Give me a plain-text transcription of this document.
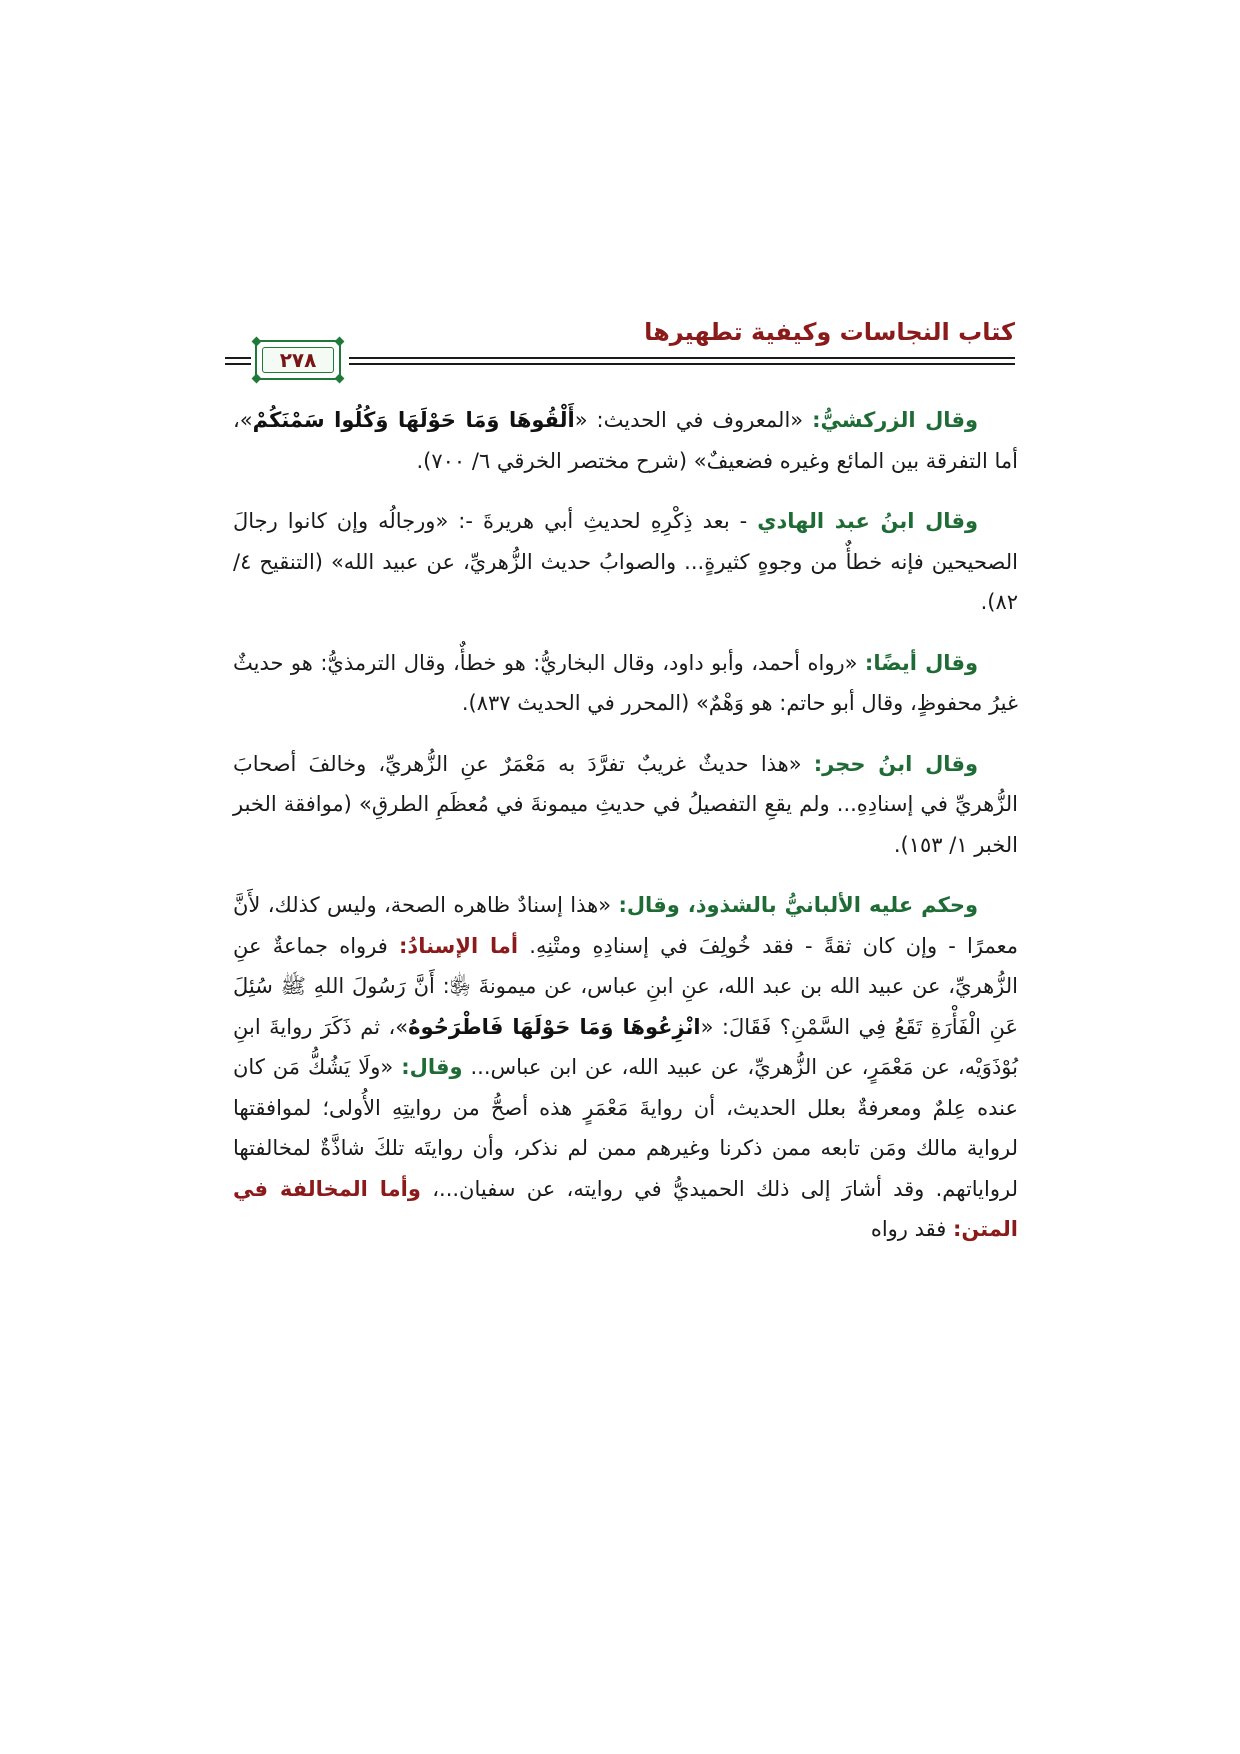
كتاب النجاسات وكيفية تطهيرها
٢٧٨

وقال الزركشيُّ: «المعروف في الحديث: «أَلْقُوهَا وَمَا حَوْلَهَا وَكُلُوا سَمْنَكُمْ»، أما التفرقة بين المائع وغيره فضعيفٌ» (شرح مختصر الخرقي ٦/ ٧٠٠).

وقال ابنُ عبد الهادي - بعد ذِكْرِهِ لحديثِ أبي هريرةَ -: «ورجالُه وإن كانوا رجالَ الصحيحين فإنه خطأٌ من وجوهٍ كثيرةٍ... والصوابُ حديث الزُّهريِّ، عن عبيد الله» (التنقيح ٤/ ٨٢).

وقال أيضًا: «رواه أحمد، وأبو داود، وقال البخاريُّ: هو خطأٌ، وقال الترمذيُّ: هو حديثٌ غيرُ محفوظٍ، وقال أبو حاتم: هو وَهْمٌ» (المحرر في الحديث ٨٣٧).

وقال ابنُ حجر: «هذا حديثٌ غريبٌ تفرَّدَ به مَعْمَرٌ عنِ الزُّهريِّ، وخالفَ أصحابَ الزُّهريِّ في إسنادِهِ... ولم يقعِ التفصيلُ في حديثِ ميمونةَ في مُعظَمِ الطرقِ» (موافقة الخبر الخبر ١/ ١٥٣).

وحكم عليه الألبانيُّ بالشذوذ، وقال: «هذا إسنادٌ ظاهره الصحة، وليس كذلك، لأَنَّ معمرًا - وإن كان ثقةً - فقد خُولِفَ في إسنادِهِ ومتْنِهِ. أما الإسنادُ: فرواه جماعةٌ عنِ الزُّهريِّ، عن عبيد الله بن عبد الله، عنِ ابنِ عباس، عن ميمونةَ ﵂: أَنَّ رَسُولَ اللهِ ﷺ سُئِلَ عَنِ الْفَأْرَةِ تَقَعُ فِي السَّمْنِ؟ فَقَالَ: «انْزِعُوهَا وَمَا حَوْلَهَا فَاطْرَحُوهُ»، ثم ذَكَرَ روايةَ ابنِ بُوْذَوَيْه، عن مَعْمَرٍ، عن الزُّهريِّ، عن عبيد الله، عن ابن عباس... وقال: «ولَا يَشُكُّ مَن كان عنده عِلمٌ ومعرفةٌ بعلل الحديث، أن روايةَ مَعْمَرٍ هذه أصحُّ من روايتِهِ الأُولى؛ لموافقتها لرواية مالك ومَن تابعه ممن ذكرنا وغيرهم ممن لم نذكر، وأن روايتَه تلكَ شاذَّةٌ لمخالفتها لرواياتهم. وقد أشارَ إلى ذلك الحميديُّ في روايته، عن سفيان...، وأما المخالفة في المتن: فقد رواه
